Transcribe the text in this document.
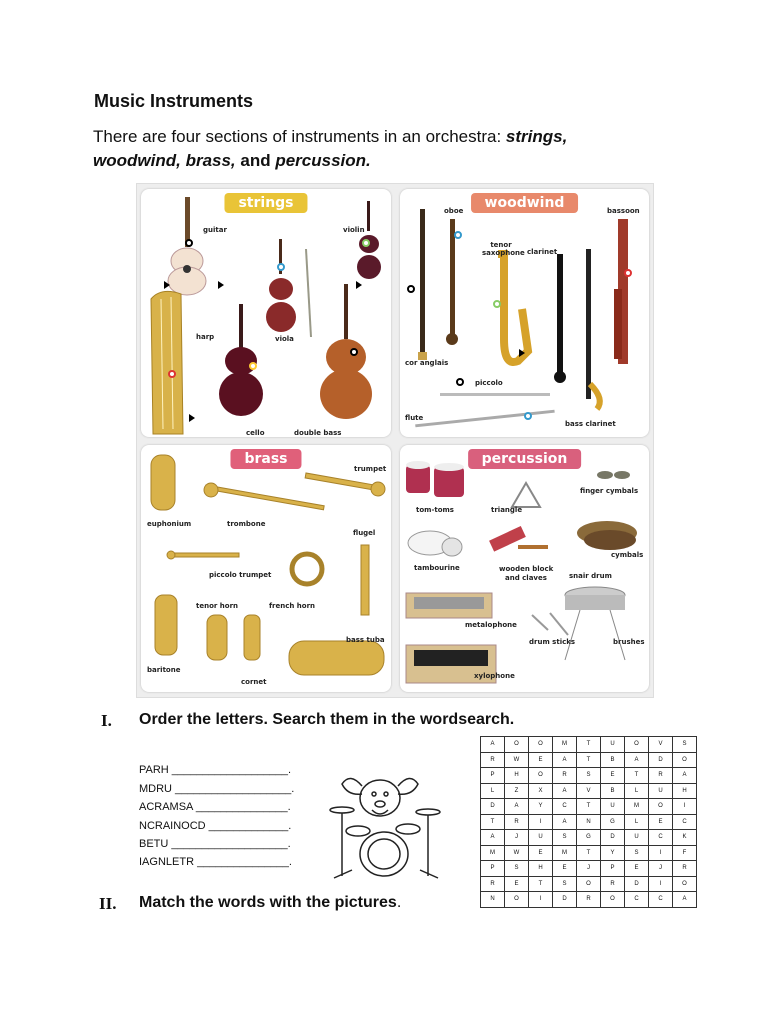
Music Instruments
There are four sections of instruments in an orchestra: strings,
woodwind, brass, and percussion.
strings
guitar	violin
harp	viola
cello	double bass
woodwind
oboe	bassoon
tenor saxophone clarinet
cor anglais
piccolo
flute
bass clarinet
brass
trumpet
euphonium	trombone
flugel
piccolo trumpet
tenor horn	french horn
bass tuba
baritone
cornet
percussion
finger cymbals
tom-toms	triangle
cymbals
tambourine	wooden block
and claves	snair drum
metalophone
drum sticks	brushes
xylophone
I. Order the letters. Search them in the wordsearch.
PARH ___________________.
MDRU ___________________.
ACRAMSA _______________.
NCRAINOCD _____________.
BETU ___________________.
IAGNLETR _______________.
II. Match the words with the pictures.
A	O	O	M	T	U	O	V	S
R	W	E	A	T	B	A	D	O
P	H	O	R	S	E	T	R	A
L	Z	X	A	V	B	L	U	H
D	A	Y	C	T	U	M	O	I
T	R	I	A	N	G	L	E	C
A	J	U	S	G	D	U	C	K
M	W	E	M	T	Y	S	I	F
P	S	H	E	J	P	E	J	R
R	E	T	S	O	R	D	I	O
N	O	I	D	R	O	C	C	A
